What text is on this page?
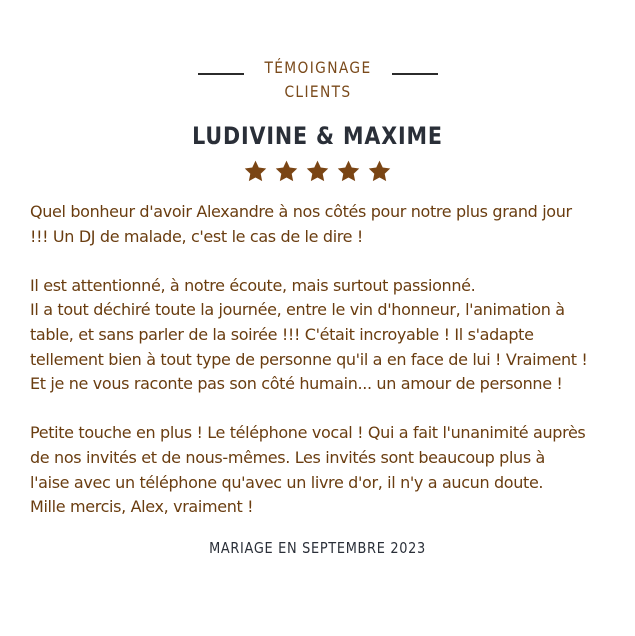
TÉMOIGNAGE
CLIENTS
LUDIVINE & MAXIME

Quel bonheur d'avoir Alexandre à nos côtés pour notre plus grand jour
!!! Un DJ de malade, c'est le cas de le dire !

Il est attentionné, à notre écoute, mais surtout passionné.
Il a tout déchiré toute la journée, entre le vin d'honneur, l'animation à
table, et sans parler de la soirée !!! C'était incroyable ! Il s'adapte
tellement bien à tout type de personne qu'il a en face de lui ! Vraiment !
Et je ne vous raconte pas son côté humain... un amour de personne !

Petite touche en plus ! Le téléphone vocal ! Qui a fait l'unanimité auprès
de nos invités et de nous-mêmes. Les invités sont beaucoup plus à
l'aise avec un téléphone qu'avec un livre d'or, il n'y a aucun doute.
Mille mercis, Alex, vraiment !

MARIAGE EN SEPTEMBRE 2023
